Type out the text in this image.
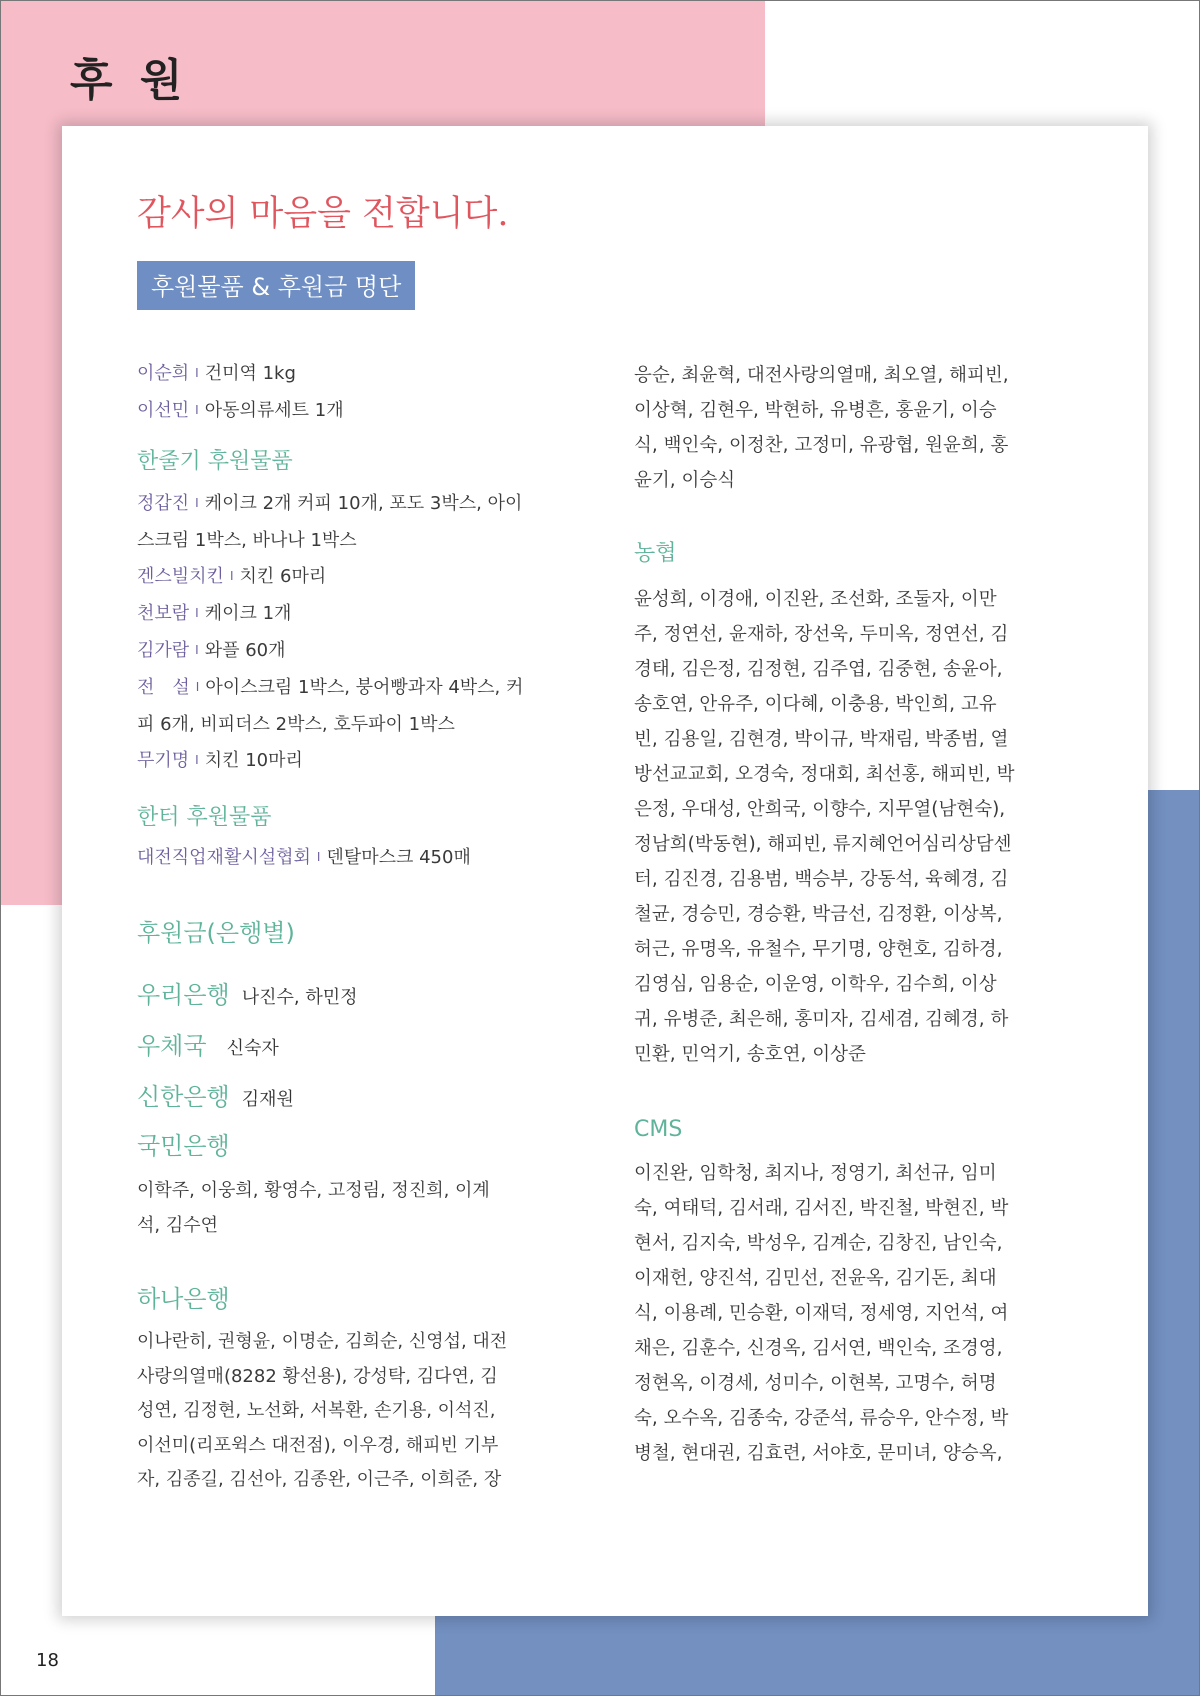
후 원
감사의 마음을 전합니다.
후원물품 & 후원금 명단

이순희 I 건미역 1kg

이선민 I 아동의류세트 1개

한줄기 후원물품

정갑진 I 케이크 2개 커피 10개, 포도 3박스, 아이

스크림 1박스, 바나나 1박스

겐스빌치킨 I 치킨 6마리

천보람 I 케이크 1개

김가람 I 와플 60개

전　설 I 아이스크림 1박스, 붕어빵과자 4박스, 커

피 6개, 비피더스 2박스, 호두파이 1박스

무기명 I 치킨 10마리

한터 후원물품

대전직업재활시설협회 I 덴탈마스크 450매

후원금(은행별)

우리은행 나진수, 하민정

우체국 신숙자

신한은행 김재원

국민은행

이학주, 이웅희, 황영수, 고정림, 정진희, 이계

석, 김수연

하나은행

이나란히, 권형윤, 이명순, 김희순, 신영섭, 대전

사랑의열매(8282 황선용), 강성탁, 김다연, 김

성연, 김정현, 노선화, 서복환, 손기용, 이석진,

이선미(리포윅스 대전점), 이우경, 해피빈 기부

자, 김종길, 김선아, 김종완, 이근주, 이희준, 장

응순, 최윤혁, 대전사랑의열매, 최오열, 해피빈,

이상혁, 김현우, 박현하, 유병흔, 홍윤기, 이승

식, 백인숙, 이정찬, 고정미, 유광협, 원윤희, 홍

윤기, 이승식

농협

윤성희, 이경애, 이진완, 조선화, 조둘자, 이만

주, 정연선, 윤재하, 장선욱, 두미옥, 정연선, 김

경태, 김은정, 김정현, 김주엽, 김중현, 송윤아,

송호연, 안유주, 이다혜, 이충용, 박인희, 고유

빈, 김용일, 김현경, 박이규, 박재림, 박종범, 열

방선교교회, 오경숙, 정대회, 최선홍, 해피빈, 박

은정, 우대성, 안희국, 이향수, 지무열(남현숙),

정남희(박동현), 해피빈, 류지혜언어심리상담센

터, 김진경, 김용범, 백승부, 강동석, 육혜경, 김

철균, 경승민, 경승환, 박금선, 김정환, 이상복,

허근, 유명옥, 유철수, 무기명, 양현호, 김하경,

김영심, 임용순, 이운영, 이학우, 김수희, 이상

귀, 유병준, 최은해, 홍미자, 김세겸, 김혜경, 하

민환, 민억기, 송호연, 이상준

CMS

이진완, 임학청, 최지나, 정영기, 최선규, 임미

숙, 여태덕, 김서래, 김서진, 박진철, 박현진, 박

현서, 김지숙, 박성우, 김계순, 김창진, 남인숙,

이재헌, 양진석, 김민선, 전윤옥, 김기돈, 최대

식, 이용례, 민승환, 이재덕, 정세영, 지언석, 여

채은, 김훈수, 신경옥, 김서연, 백인숙, 조경영,

정현옥, 이경세, 성미수, 이현복, 고명수, 허명

숙, 오수옥, 김종숙, 강준석, 류승우, 안수정, 박

병철, 현대권, 김효련, 서야호, 문미녀, 양승옥,

18
